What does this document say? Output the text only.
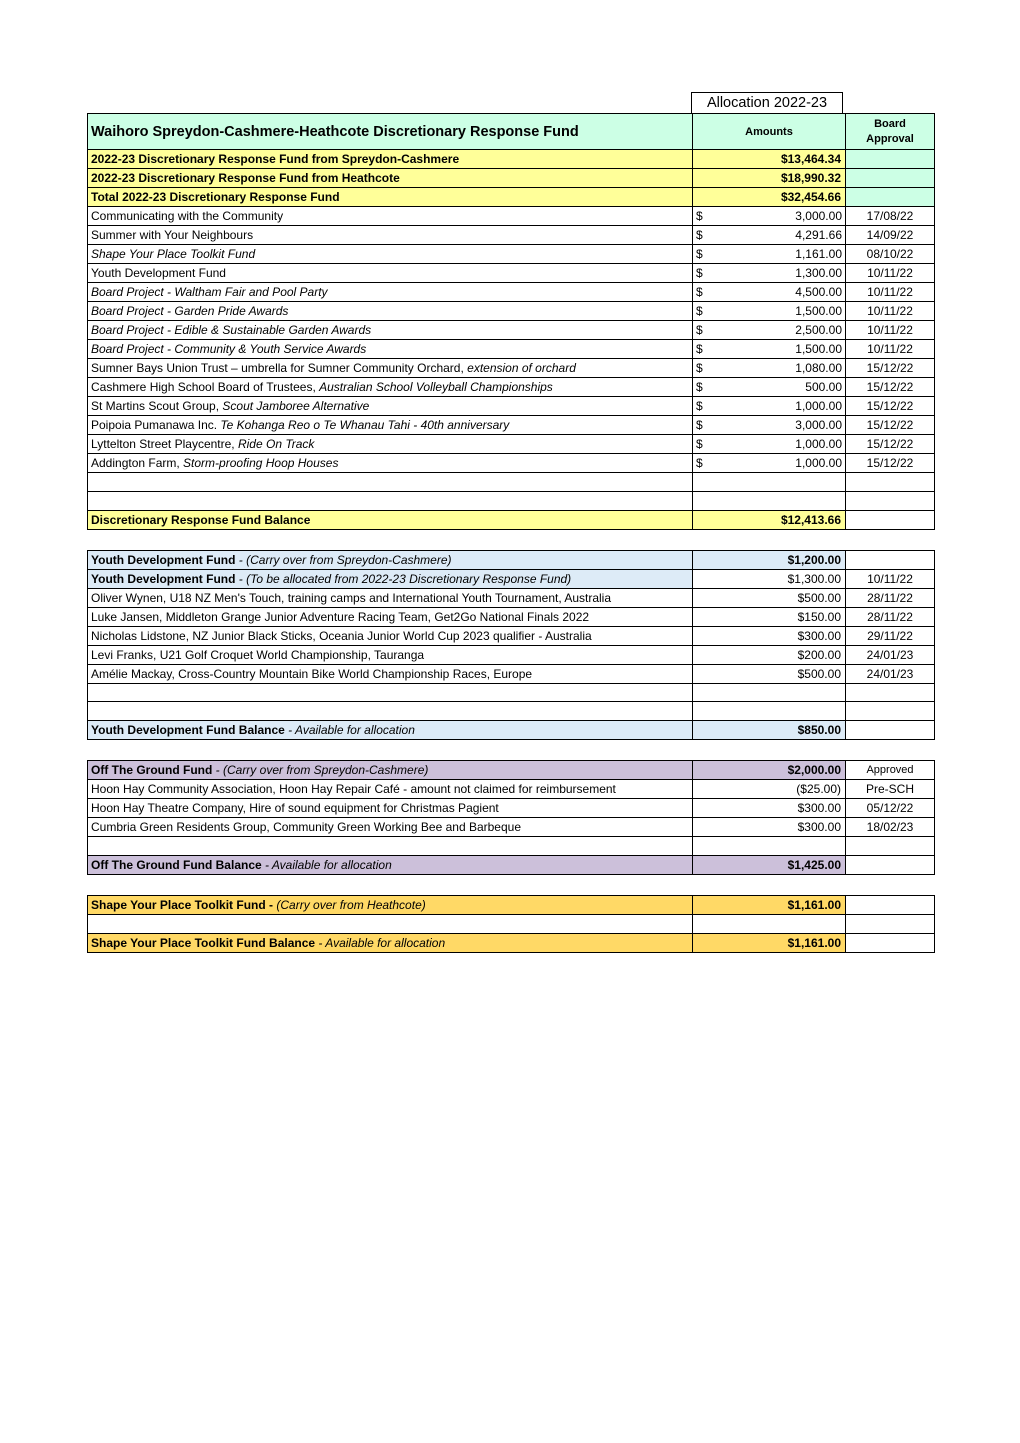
Allocation 2022-23
Waihoro Spreydon-Cashmere-Heathcote Discretionary Response Fund	Amounts	Board
Approval
2022-23 Discretionary Response Fund from Spreydon-Cashmere	$13,464.34	
2022-23 Discretionary Response Fund from Heathcote	$18,990.32	
Total 2022-23 Discretionary Response Fund	$32,454.66	
Communicating with the Community	$ 3,000.00	17/08/22
Summer with Your Neighbours	$ 4,291.66	14/09/22
Shape Your Place Toolkit Fund	$ 1,161.00	08/10/22
Youth Development Fund	$ 1,300.00	10/11/22
Board Project - Waltham Fair and Pool Party	$ 4,500.00	10/11/22
Board Project - Garden Pride Awards	$ 1,500.00	10/11/22
Board Project - Edible & Sustainable Garden Awards	$ 2,500.00	10/11/22
Board Project - Community & Youth Service Awards	$ 1,500.00	10/11/22
Sumner Bays Union Trust – umbrella for Sumner Community Orchard, extension of orchard	$ 1,080.00	15/12/22
Cashmere High School Board of Trustees, Australian School Volleyball Championships	$ 500.00	15/12/22
St Martins Scout Group, Scout Jamboree Alternative	$ 1,000.00	15/12/22
Poipoia Pumanawa Inc. Te Kohanga Reo o Te Whanau Tahi - 40th anniversary	$ 3,000.00	15/12/22
Lyttelton Street Playcentre, Ride On Track	$ 1,000.00	15/12/22
Addington Farm, Storm-proofing Hoop Houses	$ 1,000.00	15/12/22

Discretionary Response Fund Balance	$12,413.66	
Youth Development Fund - (Carry over from Spreydon-Cashmere)	$1,200.00	
Youth Development Fund - (To be allocated from 2022-23 Discretionary Response Fund)	$1,300.00	10/11/22
Oliver Wynen, U18 NZ Men's Touch, training camps and International Youth Tournament, Australia	$500.00	28/11/22
Luke Jansen, Middleton Grange Junior Adventure Racing Team, Get2Go National Finals 2022	$150.00	28/11/22
Nicholas Lidstone, NZ Junior Black Sticks, Oceania Junior World Cup 2023 qualifier - Australia	$300.00	29/11/22
Levi Franks, U21 Golf Croquet World Championship, Tauranga	$200.00	24/01/23
Amélie Mackay, Cross-Country Mountain Bike World Championship Races, Europe	$500.00	24/01/23

Youth Development Fund Balance - Available for allocation	$850.00	
Off The Ground Fund - (Carry over from Spreydon-Cashmere)	$2,000.00	Approved
Hoon Hay Community Association, Hoon Hay Repair Café - amount not claimed for reimbursement	($25.00)	Pre-SCH
Hoon Hay Theatre Company, Hire of sound equipment for Christmas Pagient	$300.00	05/12/22
Cumbria Green Residents Group, Community Green Working Bee and Barbeque	$300.00	18/02/23

Off The Ground Fund Balance - Available for allocation	$1,425.00	
Shape Your Place Toolkit Fund - (Carry over from Heathcote)	$1,161.00	

Shape Your Place Toolkit Fund Balance - Available for allocation	$1,161.00	
